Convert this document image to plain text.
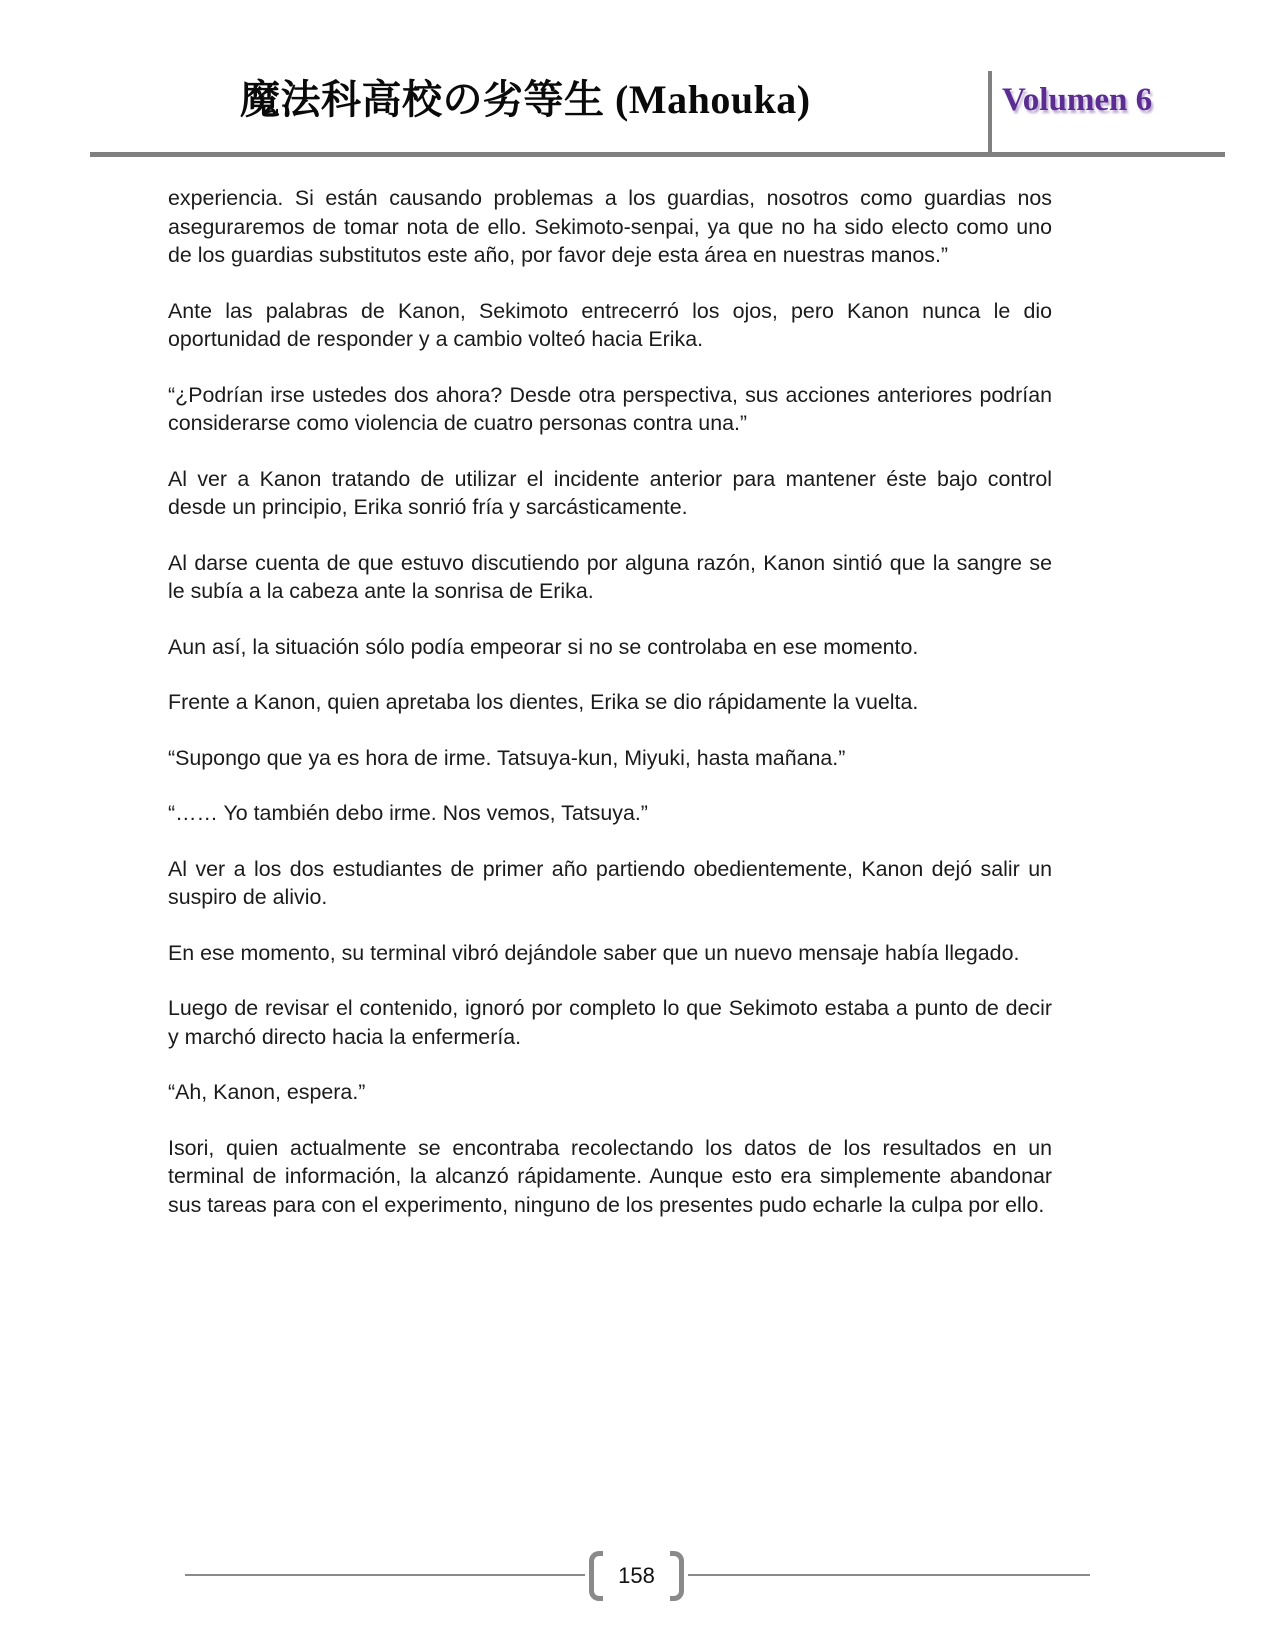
魔法科高校の劣等生 (Mahouka)	Volumen 6

experiencia. Si están causando problemas a los guardias, nosotros como guardias nos aseguraremos de tomar nota de ello. Sekimoto-senpai, ya que no ha sido electo como uno de los guardias substitutos este año, por favor deje esta área en nuestras manos.”

Ante las palabras de Kanon, Sekimoto entrecerró los ojos, pero Kanon nunca le dio oportunidad de responder y a cambio volteó hacia Erika.

“¿Podrían irse ustedes dos ahora? Desde otra perspectiva, sus acciones anteriores podrían considerarse como violencia de cuatro personas contra una.”

Al ver a Kanon tratando de utilizar el incidente anterior para mantener éste bajo control desde un principio, Erika sonrió fría y sarcásticamente.

Al darse cuenta de que estuvo discutiendo por alguna razón, Kanon sintió que la sangre se le subía a la cabeza ante la sonrisa de Erika.

Aun así, la situación sólo podía empeorar si no se controlaba en ese momento.

Frente a Kanon, quien apretaba los dientes, Erika se dio rápidamente la vuelta.

“Supongo que ya es hora de irme. Tatsuya-kun, Miyuki, hasta mañana.”

“…… Yo también debo irme. Nos vemos, Tatsuya.”

Al ver a los dos estudiantes de primer año partiendo obedientemente, Kanon dejó salir un suspiro de alivio.

En ese momento, su terminal vibró dejándole saber que un nuevo mensaje había llegado.

Luego de revisar el contenido, ignoró por completo lo que Sekimoto estaba a punto de decir y marchó directo hacia la enfermería.

“Ah, Kanon, espera.”

Isori, quien actualmente se encontraba recolectando los datos de los resultados en un terminal de información, la alcanzó rápidamente. Aunque esto era simplemente abandonar sus tareas para con el experimento, ninguno de los presentes pudo echarle la culpa por ello.

158
